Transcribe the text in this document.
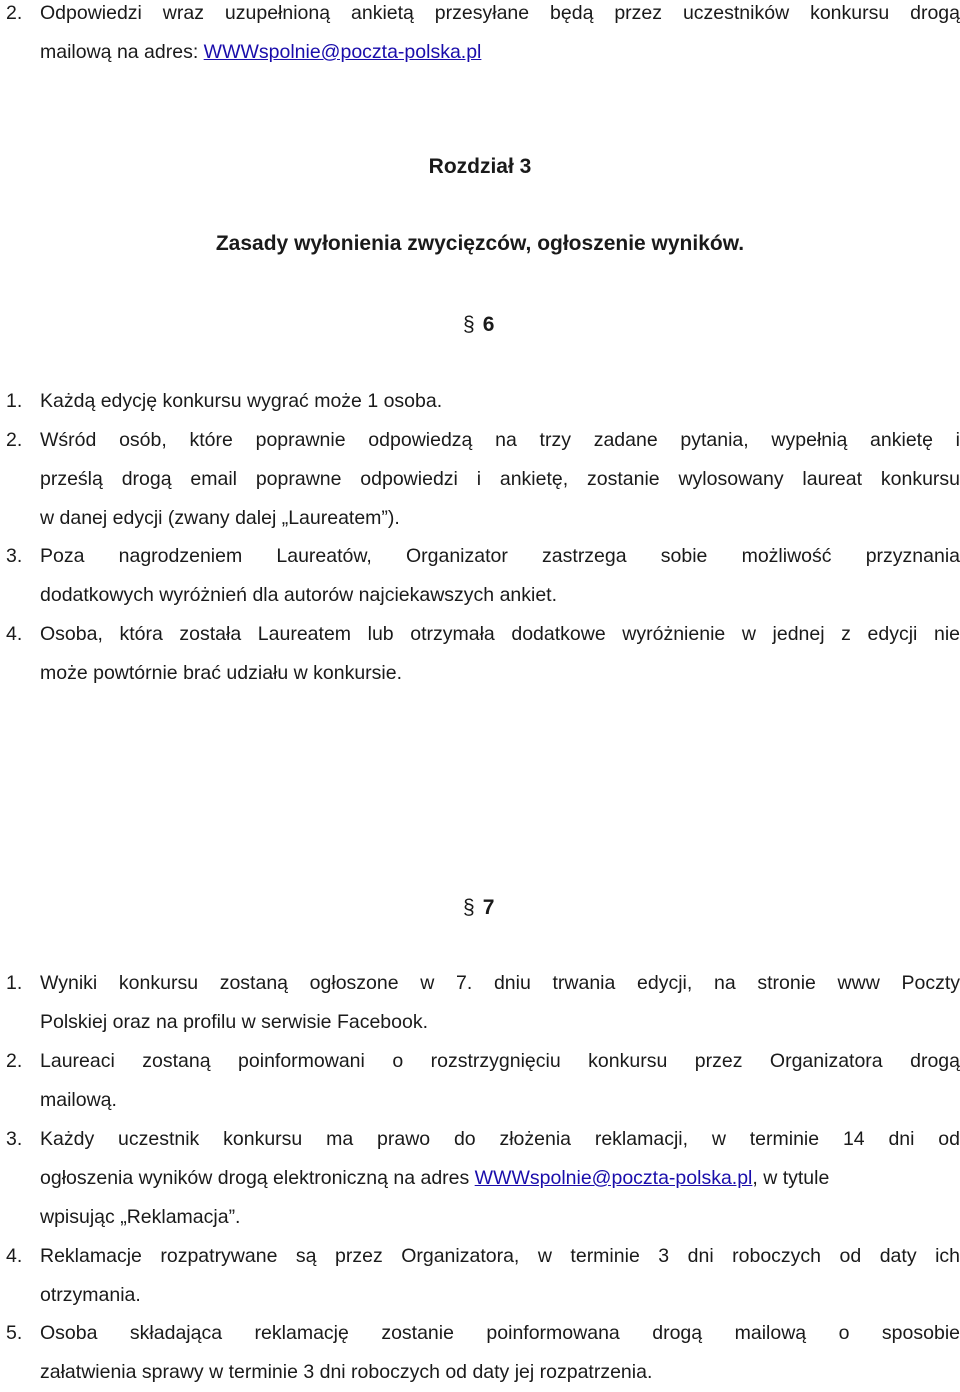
2. Odpowiedzi wraz uzupełnioną ankietą przesyłane będą przez uczestników konkursu drogą
mailową na adres: WWWspolnie@poczta-polska.pl
Rozdział 3
Zasady wyłonienia zwycięzców, ogłoszenie wyników.
§ 6
1. Każdą edycję konkursu wygrać może 1 osoba.
2. Wśród osób, które poprawnie odpowiedzą na trzy zadane pytania, wypełnią ankietę i
prześlą drogą email poprawne odpowiedzi i ankietę, zostanie wylosowany laureat konkursu
w danej edycji (zwany dalej „Laureatem”).
3. Poza nagrodzeniem Laureatów, Organizator zastrzega sobie możliwość przyznania
dodatkowych wyróżnień dla autorów najciekawszych ankiet.
4. Osoba, która została Laureatem lub otrzymała dodatkowe wyróżnienie w jednej z edycji nie
może powtórnie brać udziału w konkursie.
§ 7
1. Wyniki konkursu zostaną ogłoszone w 7. dniu trwania edycji, na stronie www Poczty
Polskiej oraz na profilu w serwisie Facebook.
2. Laureaci zostaną poinformowani o rozstrzygnięciu konkursu przez Organizatora drogą
mailową.
3. Każdy uczestnik konkursu ma prawo do złożenia reklamacji, w terminie 14 dni od
ogłoszenia wyników drogą elektroniczną na adres WWWspolnie@poczta-polska.pl, w tytule
wpisując „Reklamacja”.
4. Reklamacje rozpatrywane są przez Organizatora, w terminie 3 dni roboczych od daty ich
otrzymania.
5. Osoba składająca reklamację zostanie poinformowana drogą mailową o sposobie
załatwienia sprawy w terminie 3 dni roboczych od daty jej rozpatrzenia.
